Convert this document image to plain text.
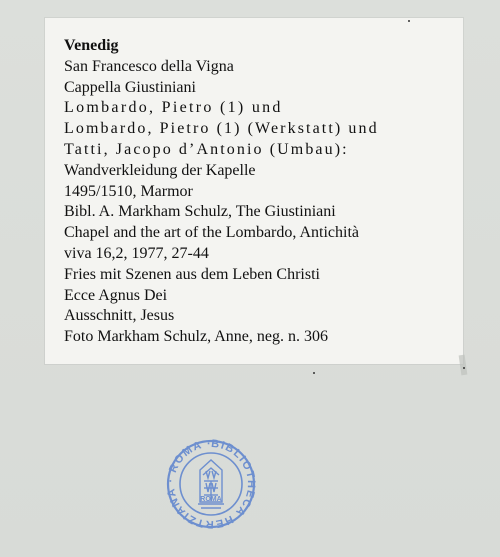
Venedig
San Francesco della Vigna
Cappella Giustiniani
Lombardo, Pietro (1) und
Lombardo, Pietro (1) (Werkstatt) und
Tatti, Jacopo d’Antonio (Umbau):
Wandverkleidung der Kapelle
1495/1510, Marmor
Bibl. A. Markham Schulz, The Giustiniani
Chapel and the art of the Lombardo, Antichità
viva 16,2, 1977, 27-44
Fries mit Szenen aus dem Leben Christi
Ecce Agnus Dei
Ausschnitt, Jesus
Foto Markham Schulz, Anne, neg. n. 306
BIBLIOTHECA HERTZIANA · ROMA ·
ROMA
